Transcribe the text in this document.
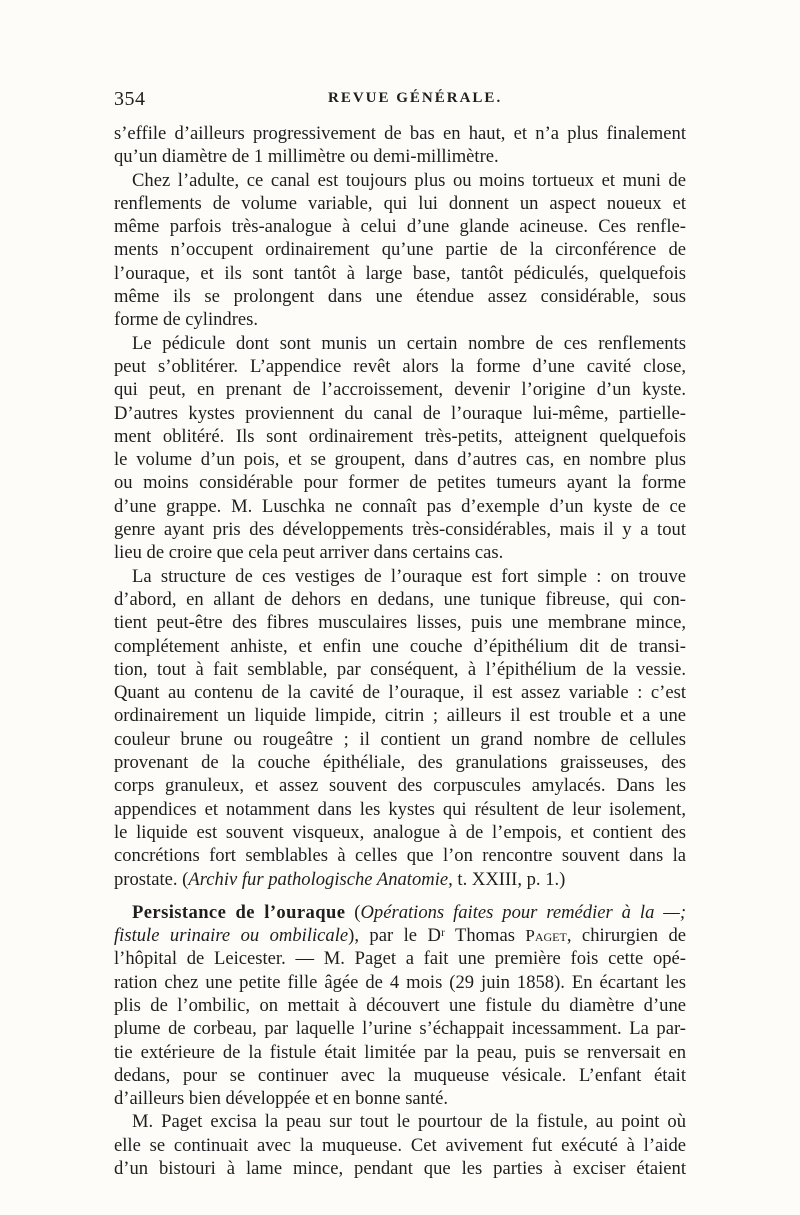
354	REVUE GÉNÉRALE.
s’effile d’ailleurs progressivement de bas en haut, et n’a plus finalement
qu’un diamètre de 1 millimètre ou demi-millimètre.
Chez l’adulte, ce canal est toujours plus ou moins tortueux et muni de
renflements de volume variable, qui lui donnent un aspect noueux et
même parfois très-analogue à celui d’une glande acineuse. Ces renfle-
ments n’occupent ordinairement qu’une partie de la circonférence de
l’ouraque, et ils sont tantôt à large base, tantôt pédiculés, quelquefois
même ils se prolongent dans une étendue assez considérable, sous
forme de cylindres.
Le pédicule dont sont munis un certain nombre de ces renflements
peut s’oblitérer. L’appendice revêt alors la forme d’une cavité close,
qui peut, en prenant de l’accroissement, devenir l’origine d’un kyste.
D’autres kystes proviennent du canal de l’ouraque lui-même, partielle-
ment oblitéré. Ils sont ordinairement très-petits, atteignent quelquefois
le volume d’un pois, et se groupent, dans d’autres cas, en nombre plus
ou moins considérable pour former de petites tumeurs ayant la forme
d’une grappe. M. Luschka ne connaît pas d’exemple d’un kyste de ce
genre ayant pris des développements très-considérables, mais il y a tout
lieu de croire que cela peut arriver dans certains cas.
La structure de ces vestiges de l’ouraque est fort simple : on trouve
d’abord, en allant de dehors en dedans, une tunique fibreuse, qui con-
tient peut-être des fibres musculaires lisses, puis une membrane mince,
complétement anhiste, et enfin une couche d’épithélium dit de transi-
tion, tout à fait semblable, par conséquent, à l’épithélium de la vessie.
Quant au contenu de la cavité de l’ouraque, il est assez variable : c’est
ordinairement un liquide limpide, citrin ; ailleurs il est trouble et a une
couleur brune ou rougeâtre ; il contient un grand nombre de cellules
provenant de la couche épithéliale, des granulations graisseuses, des
corps granuleux, et assez souvent des corpuscules amylacés. Dans les
appendices et notamment dans les kystes qui résultent de leur isolement,
le liquide est souvent visqueux, analogue à de l’empois, et contient des
concrétions fort semblables à celles que l’on rencontre souvent dans la
prostate. (Archiv fur pathologische Anatomie, t. XXIII, p. 1.)
Persistance de l’ouraque (Opérations faites pour remédier à la —;
fistule urinaire ou ombilicale), par le Dʳ Thomas Paget, chirurgien de
l’hôpital de Leicester. — M. Paget a fait une première fois cette opé-
ration chez une petite fille âgée de 4 mois (29 juin 1858). En écartant les
plis de l’ombilic, on mettait à découvert une fistule du diamètre d’une
plume de corbeau, par laquelle l’urine s’échappait incessamment. La par-
tie extérieure de la fistule était limitée par la peau, puis se renversait en
dedans, pour se continuer avec la muqueuse vésicale. L’enfant était
d’ailleurs bien développée et en bonne santé.
M. Paget excisa la peau sur tout le pourtour de la fistule, au point où
elle se continuait avec la muqueuse. Cet avivement fut exécuté à l’aide
d’un bistouri à lame mince, pendant que les parties à exciser étaient
